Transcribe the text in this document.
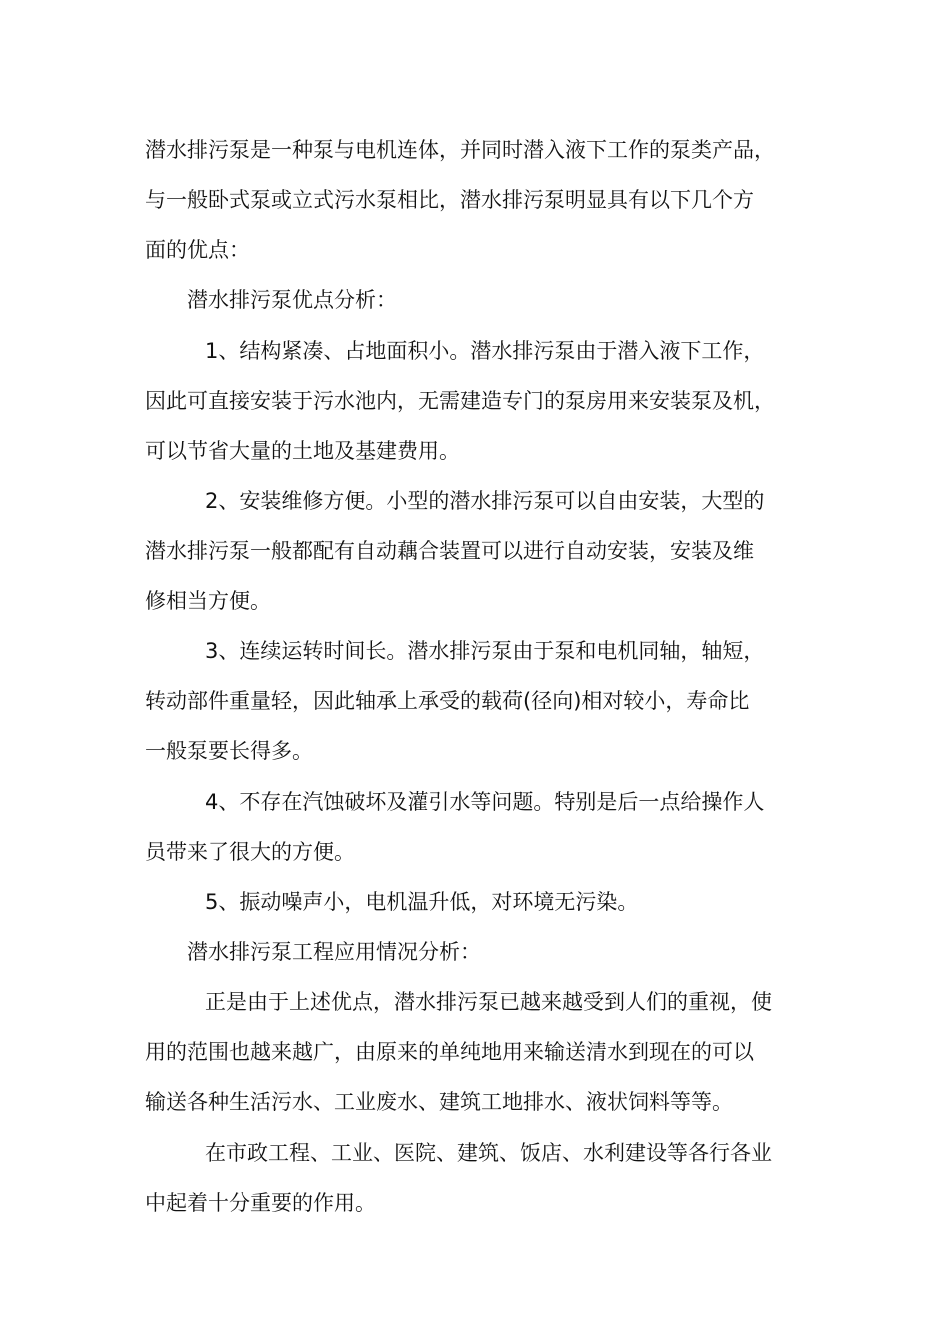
潜水排污泵是一种泵与电机连体，并同时潜入液下工作的泵类产品，

与一般卧式泵或立式污水泵相比，潜水排污泵明显具有以下几个方

面的优点：

潜水排污泵优点分析：

1、结构紧凑、占地面积小。潜水排污泵由于潜入液下工作，

因此可直接安装于污水池内，无需建造专门的泵房用来安装泵及机，

可以节省大量的土地及基建费用。

2、安装维修方便。小型的潜水排污泵可以自由安装，大型的

潜水排污泵一般都配有自动藕合装置可以进行自动安装，安装及维

修相当方便。

3、连续运转时间长。潜水排污泵由于泵和电机同轴，轴短，

转动部件重量轻，因此轴承上承受的载荷(径向)相对较小，寿命比

一般泵要长得多。

4、不存在汽蚀破坏及灌引水等问题。特别是后一点给操作人

员带来了很大的方便。

5、振动噪声小，电机温升低，对环境无污染。

潜水排污泵工程应用情况分析：

正是由于上述优点，潜水排污泵已越来越受到人们的重视，使

用的范围也越来越广，由原来的单纯地用来输送清水到现在的可以

输送各种生活污水、工业废水、建筑工地排水、液状饲料等等。

在市政工程、工业、医院、建筑、饭店、水利建设等各行各业

中起着十分重要的作用。
